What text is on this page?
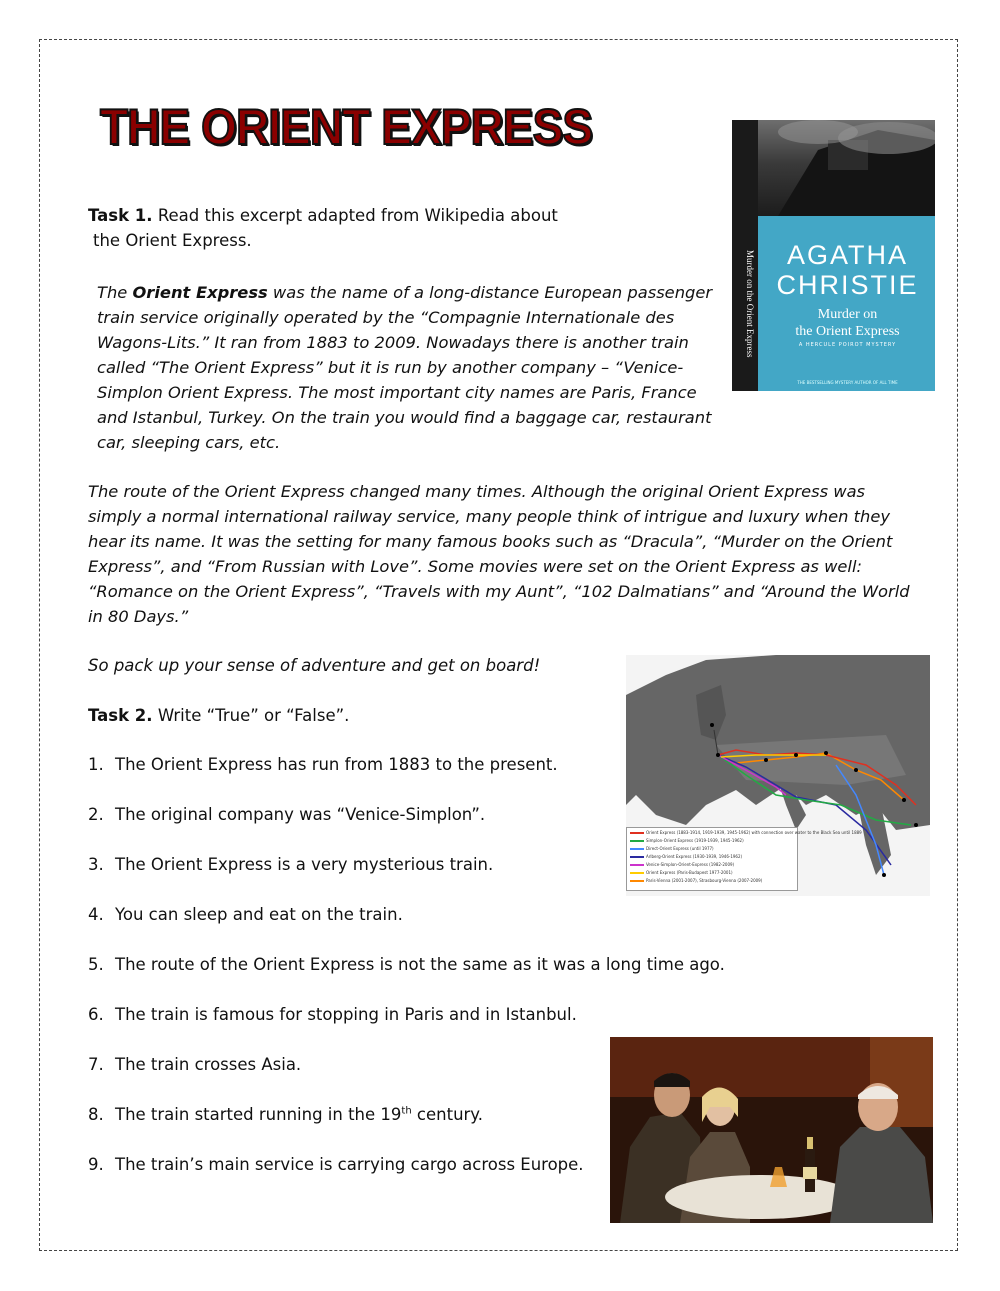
THE ORIENT EXPRESS
Task 1. Read this excerpt adapted from Wikipedia about
the Orient Express.
The Orient Express was the name of a long-distance European passenger train service originally operated by the “Compagnie Internationale des Wagons-Lits.” It ran from 1883 to 2009. Nowadays there is another train called “The Orient Express” but it is run by another company – “Venice-Simplon Orient Express. The most important city names are Paris, France and Istanbul, Turkey. On the train you would find a baggage car, restaurant car, sleeping cars, etc.
The route of the Orient Express changed many times. Although the original Orient Express was simply a normal international railway service, many people think of intrigue and luxury when they hear its name. It was the setting for many famous books such as “Dracula”, “Murder on the Orient Express”, and “From Russian with Love”. Some movies were set on the Orient Express as well: “Romance on the Orient Express”, “Travels with my Aunt”, “102 Dalmatians” and “Around the World in 80 Days.”
So pack up your sense of adventure and get on board!
Task 2. Write “True” or “False”.
1. The Orient Express has run from 1883 to the present.
2. The original company was “Venice-Simplon”.
3. The Orient Express is a very mysterious train.
4. You can sleep and eat on the train.
5. The route of the Orient Express is not the same as it was a long time ago.
6. The train is famous for stopping in Paris and in Istanbul.
7. The train crosses Asia.
8. The train started running in the 19th century.
9. The train’s main service is carrying cargo across Europe.
Murder on the Orient Express	AGATHA
CHRISTIE
Murder on
the Orient Express
A HERCULE POIROT MYSTERY
THE BESTSELLING MYSTERY AUTHOR OF ALL TIME
Orient Express (1883-1914, 1919-1939, 1945-1962) with connection over water to the Black Sea until 1889
Simplon-Orient Express (1919-1939, 1945-1962)
Direct-Orient Express (until 1977)
Arlberg-Orient Express (1930-1939, 1946-1962)
Venice-Simplon-Orient-Express (1982-2009)
Orient Express (Paris-Budapest 1977-2001)
Paris-Vienna (2001-2007), Strasbourg-Vienna (2007-2009)
